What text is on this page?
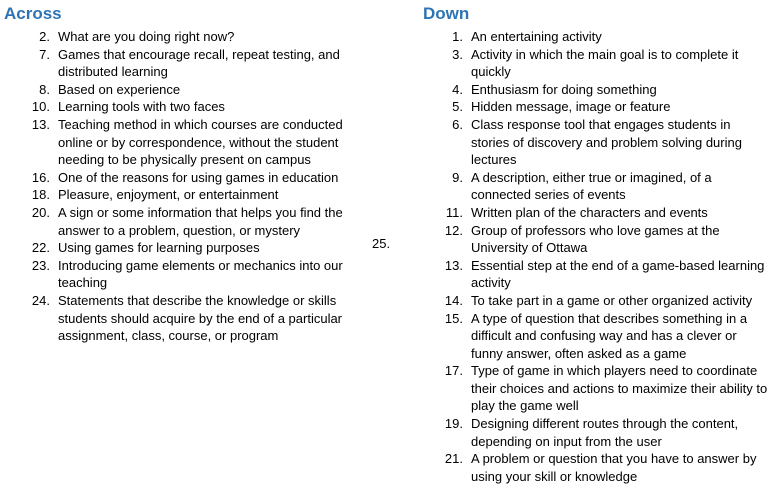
Across
2. What are you doing right now?
7. Games that encourage recall, repeat testing, and distributed learning
8. Based on experience
10. Learning tools with two faces
13. Teaching method in which courses are conducted online or by correspondence, without the student needing to be physically present on campus
16. One of the reasons for using games in education
18. Pleasure, enjoyment, or entertainment
20. A sign or some information that helps you find the answer to a problem, question, or mystery
22. Using games for learning purposes
23. Introducing game elements or mechanics into our teaching
24. Statements that describe the knowledge or skills students should acquire by the end of a particular assignment, class, course, or program
25.
Down
1. An entertaining activity
3. Activity in which the main goal is to complete it quickly
4. Enthusiasm for doing something
5. Hidden message, image or feature
6. Class response tool that engages students in stories of discovery and problem solving during lectures
9. A description, either true or imagined, of a connected series of events
11. Written plan of the characters and events
12. Group of professors who love games at the University of Ottawa
13. Essential step at the end of a game-based learning activity
14. To take part in a game or other organized activity
15. A type of question that describes something in a difficult and confusing way and has a clever or funny answer, often asked as a game
17. Type of game in which players need to coordinate their choices and actions to maximize their ability to play the game well
19. Designing different routes through the content, depending on input from the user
21. A problem or question that you have to answer by using your skill or knowledge
